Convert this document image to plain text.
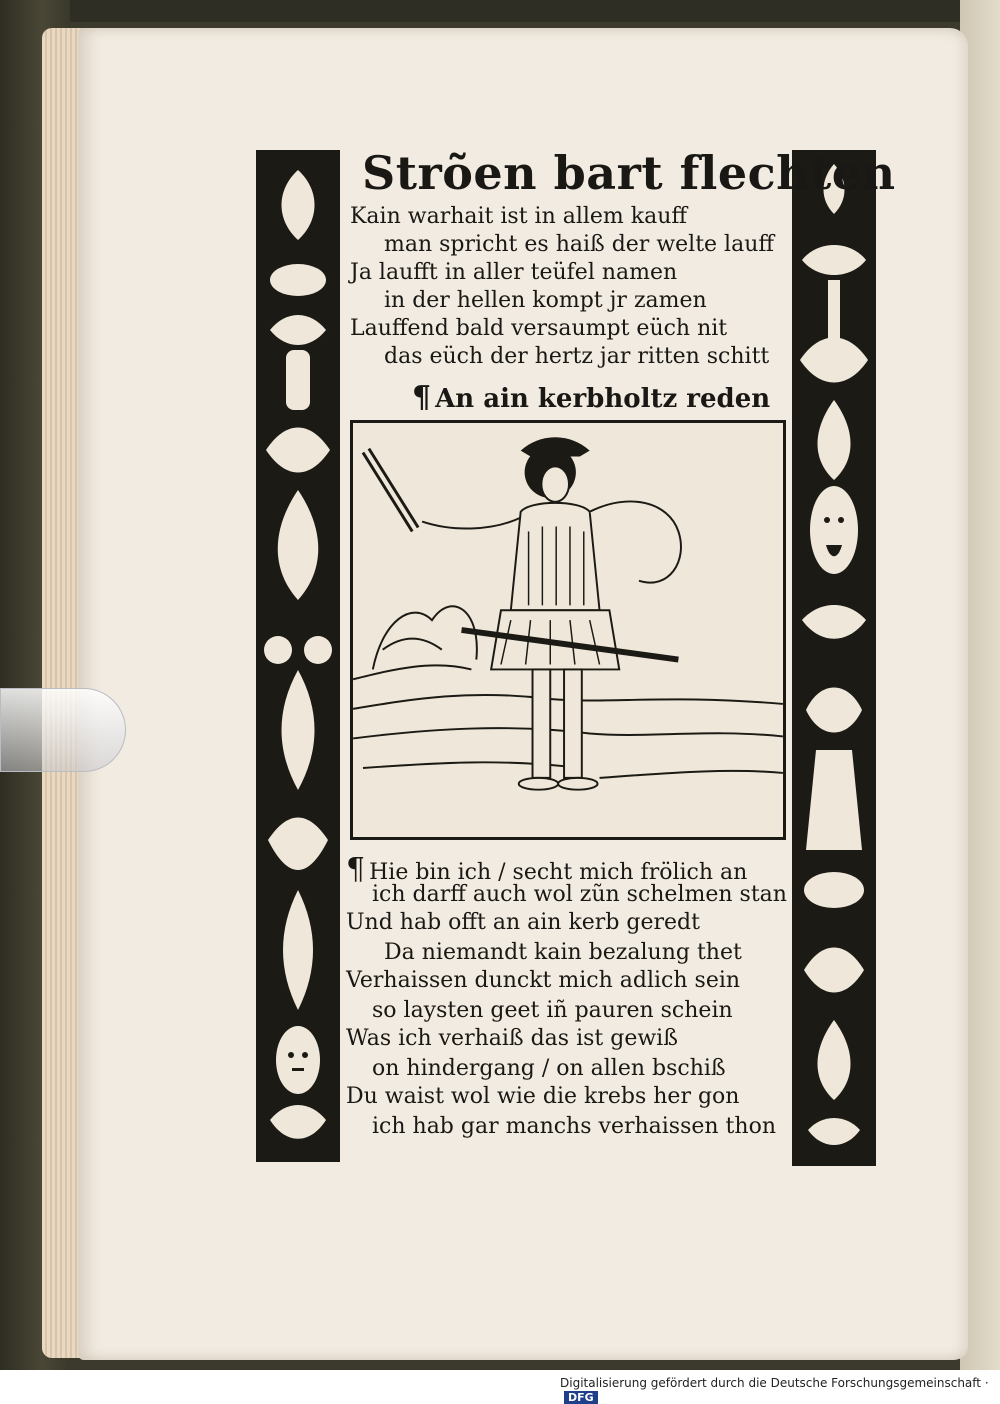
Strõen bart flechten
Kain warhait ist in allem kauff
man spricht es haiß der welte lauff
Ja laufft in aller teüfel namen
in der hellen kompt jr zamen
Lauffend bald versaumpt eüch nit
das eüch der hertz jar ritten schitt
¶ An ain kerbholtz reden
¶ Hie bin ich / secht mich frölich an
ich darff auch wol zũn schelmen stan
Und hab offt an ain kerb geredt
Da niemandt kain bezalung thet
Verhaissen dunckt mich adlich sein
so laysten geet iñ pauren schein
Was ich verhaiß das ist gewiß
on hindergang / on allen bschiß
Du waist wol wie die krebs her gon
ich hab gar manchs verhaissen thon
Digitalisierung gefördert durch die Deutsche Forschungsgemeinschaft ·DFG
